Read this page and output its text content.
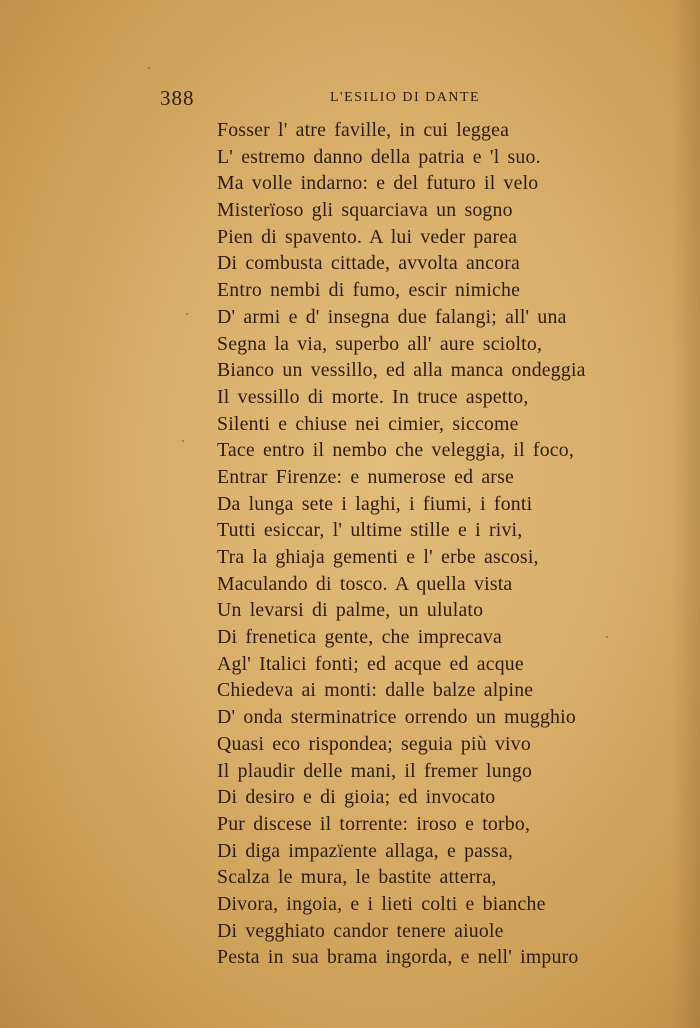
388	L'ESILIO DI DANTE
Fosser l' atre faville, in cui leggea
L' estremo danno della patria e 'l suo.
Ma volle indarno: e del futuro il velo
Misterïoso gli squarciava un sogno
Pien di spavento. A lui veder parea
Di combusta cittade, avvolta ancora
Entro nembi di fumo, escir nimiche
D' armi e d' insegna due falangi; all' una
Segna la via, superbo all' aure sciolto,
Bianco un vessillo, ed alla manca ondeggia
Il vessillo di morte. In truce aspetto,
Silenti e chiuse nei cimier, siccome
Tace entro il nembo che veleggia, il foco,
Entrar Firenze: e numerose ed arse
Da lunga sete i laghi, i fiumi, i fonti
Tutti esiccar, l' ultime stille e i rivi,
Tra la ghiaja gementi e l' erbe ascosi,
Maculando di tosco. A quella vista
Un levarsi di palme, un ululato
Di frenetica gente, che imprecava
Agl' Italici fonti; ed acque ed acque
Chiedeva ai monti: dalle balze alpine
D' onda sterminatrice orrendo un mugghio
Quasi eco rispondea; seguia più vivo
Il plaudir delle mani, il fremer lungo
Di desiro e di gioia; ed invocato
Pur discese il torrente: iroso e torbo,
Di diga impazïente allaga, e passa,
Scalza le mura, le bastite atterra,
Divora, ingoia, e i lieti colti e bianche
Di vegghiato candor tenere aiuole
Pesta in sua brama ingorda, e nell' impuro
